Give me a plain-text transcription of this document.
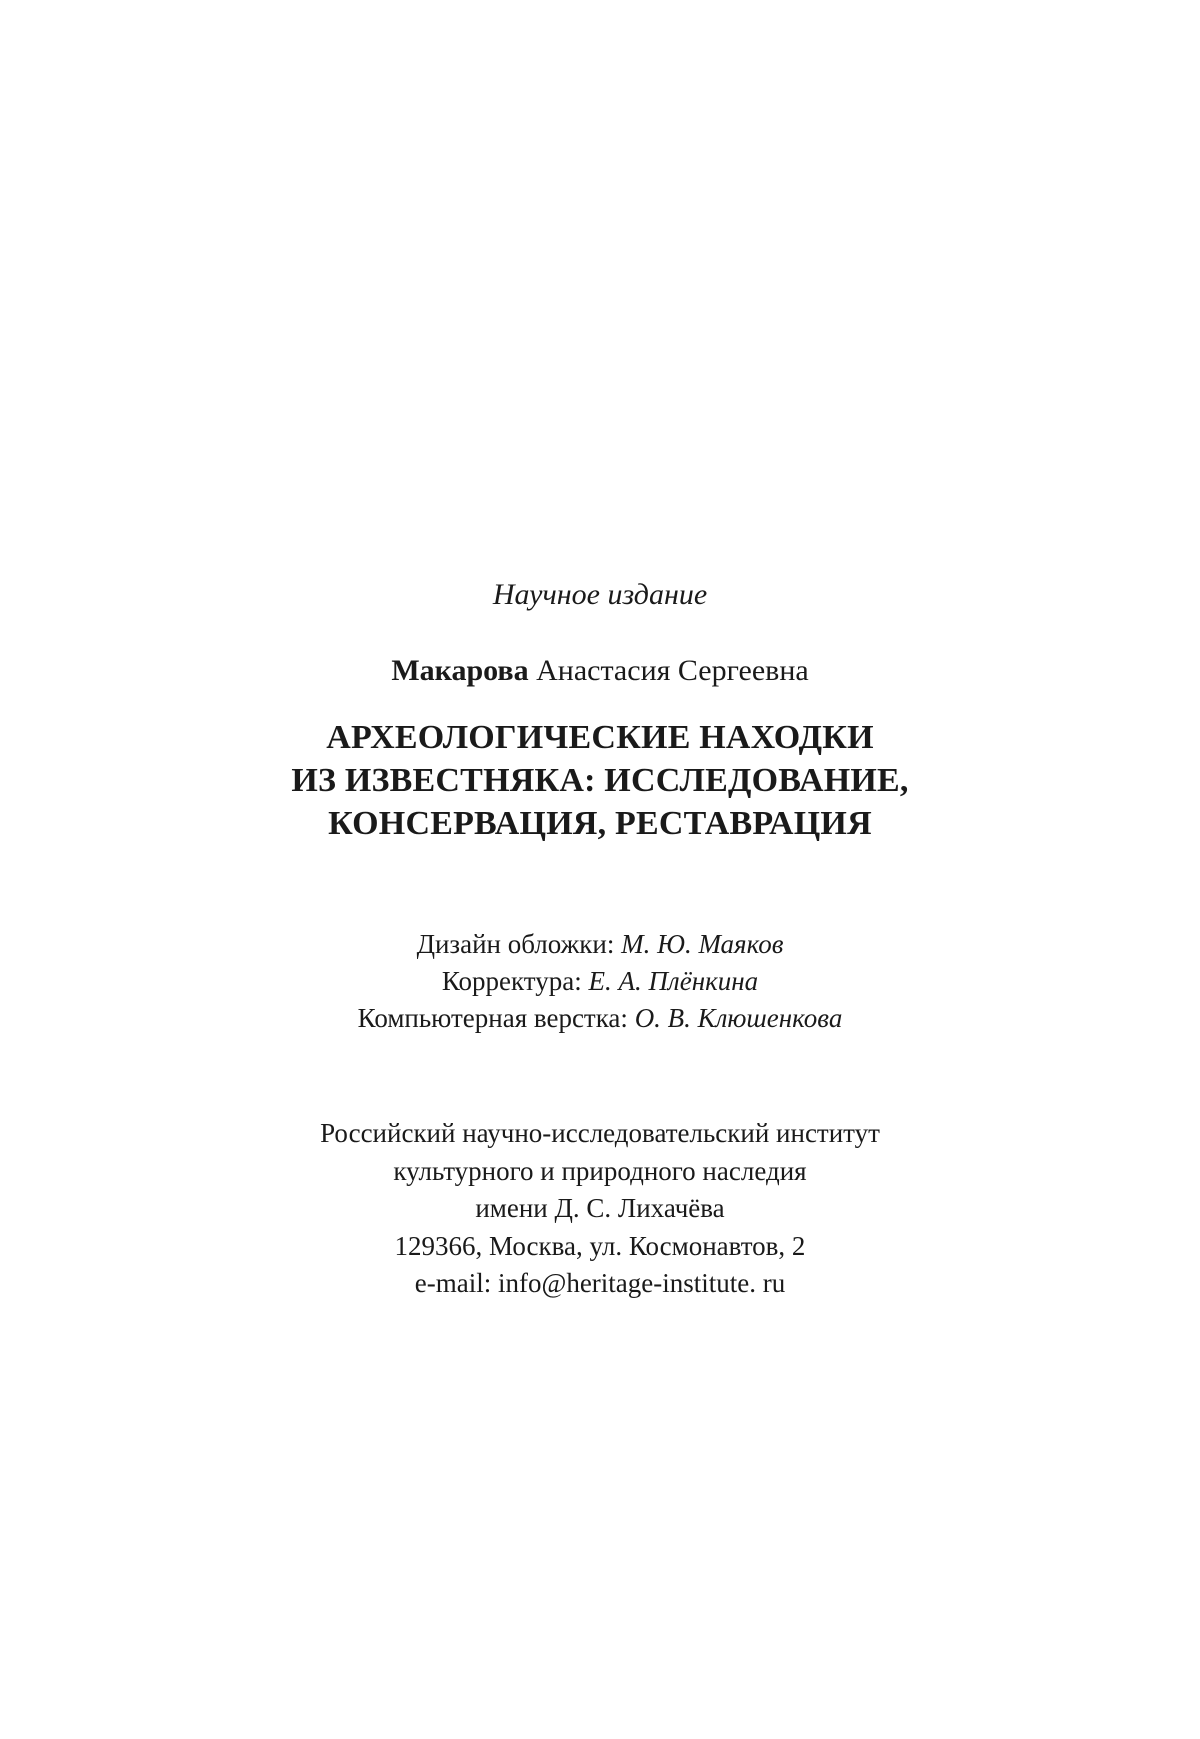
Научное издание
Макарова Анастасия Сергеевна
АРХЕОЛОГИЧЕСКИЕ НАХОДКИ
ИЗ ИЗВЕСТНЯКА: ИССЛЕДОВАНИЕ,
КОНСЕРВАЦИЯ, РЕСТАВРАЦИЯ
Дизайн обложки: М. Ю. Маяков
Корректура: Е. А. Плёнкина
Компьютерная верстка: О. В. Клюшенкова
Российский научно-исследовательский институт
культурного и природного наследия
имени Д. С. Лихачёва
129366, Москва, ул. Космонавтов, 2
e-mail: info@heritage-institute. ru
